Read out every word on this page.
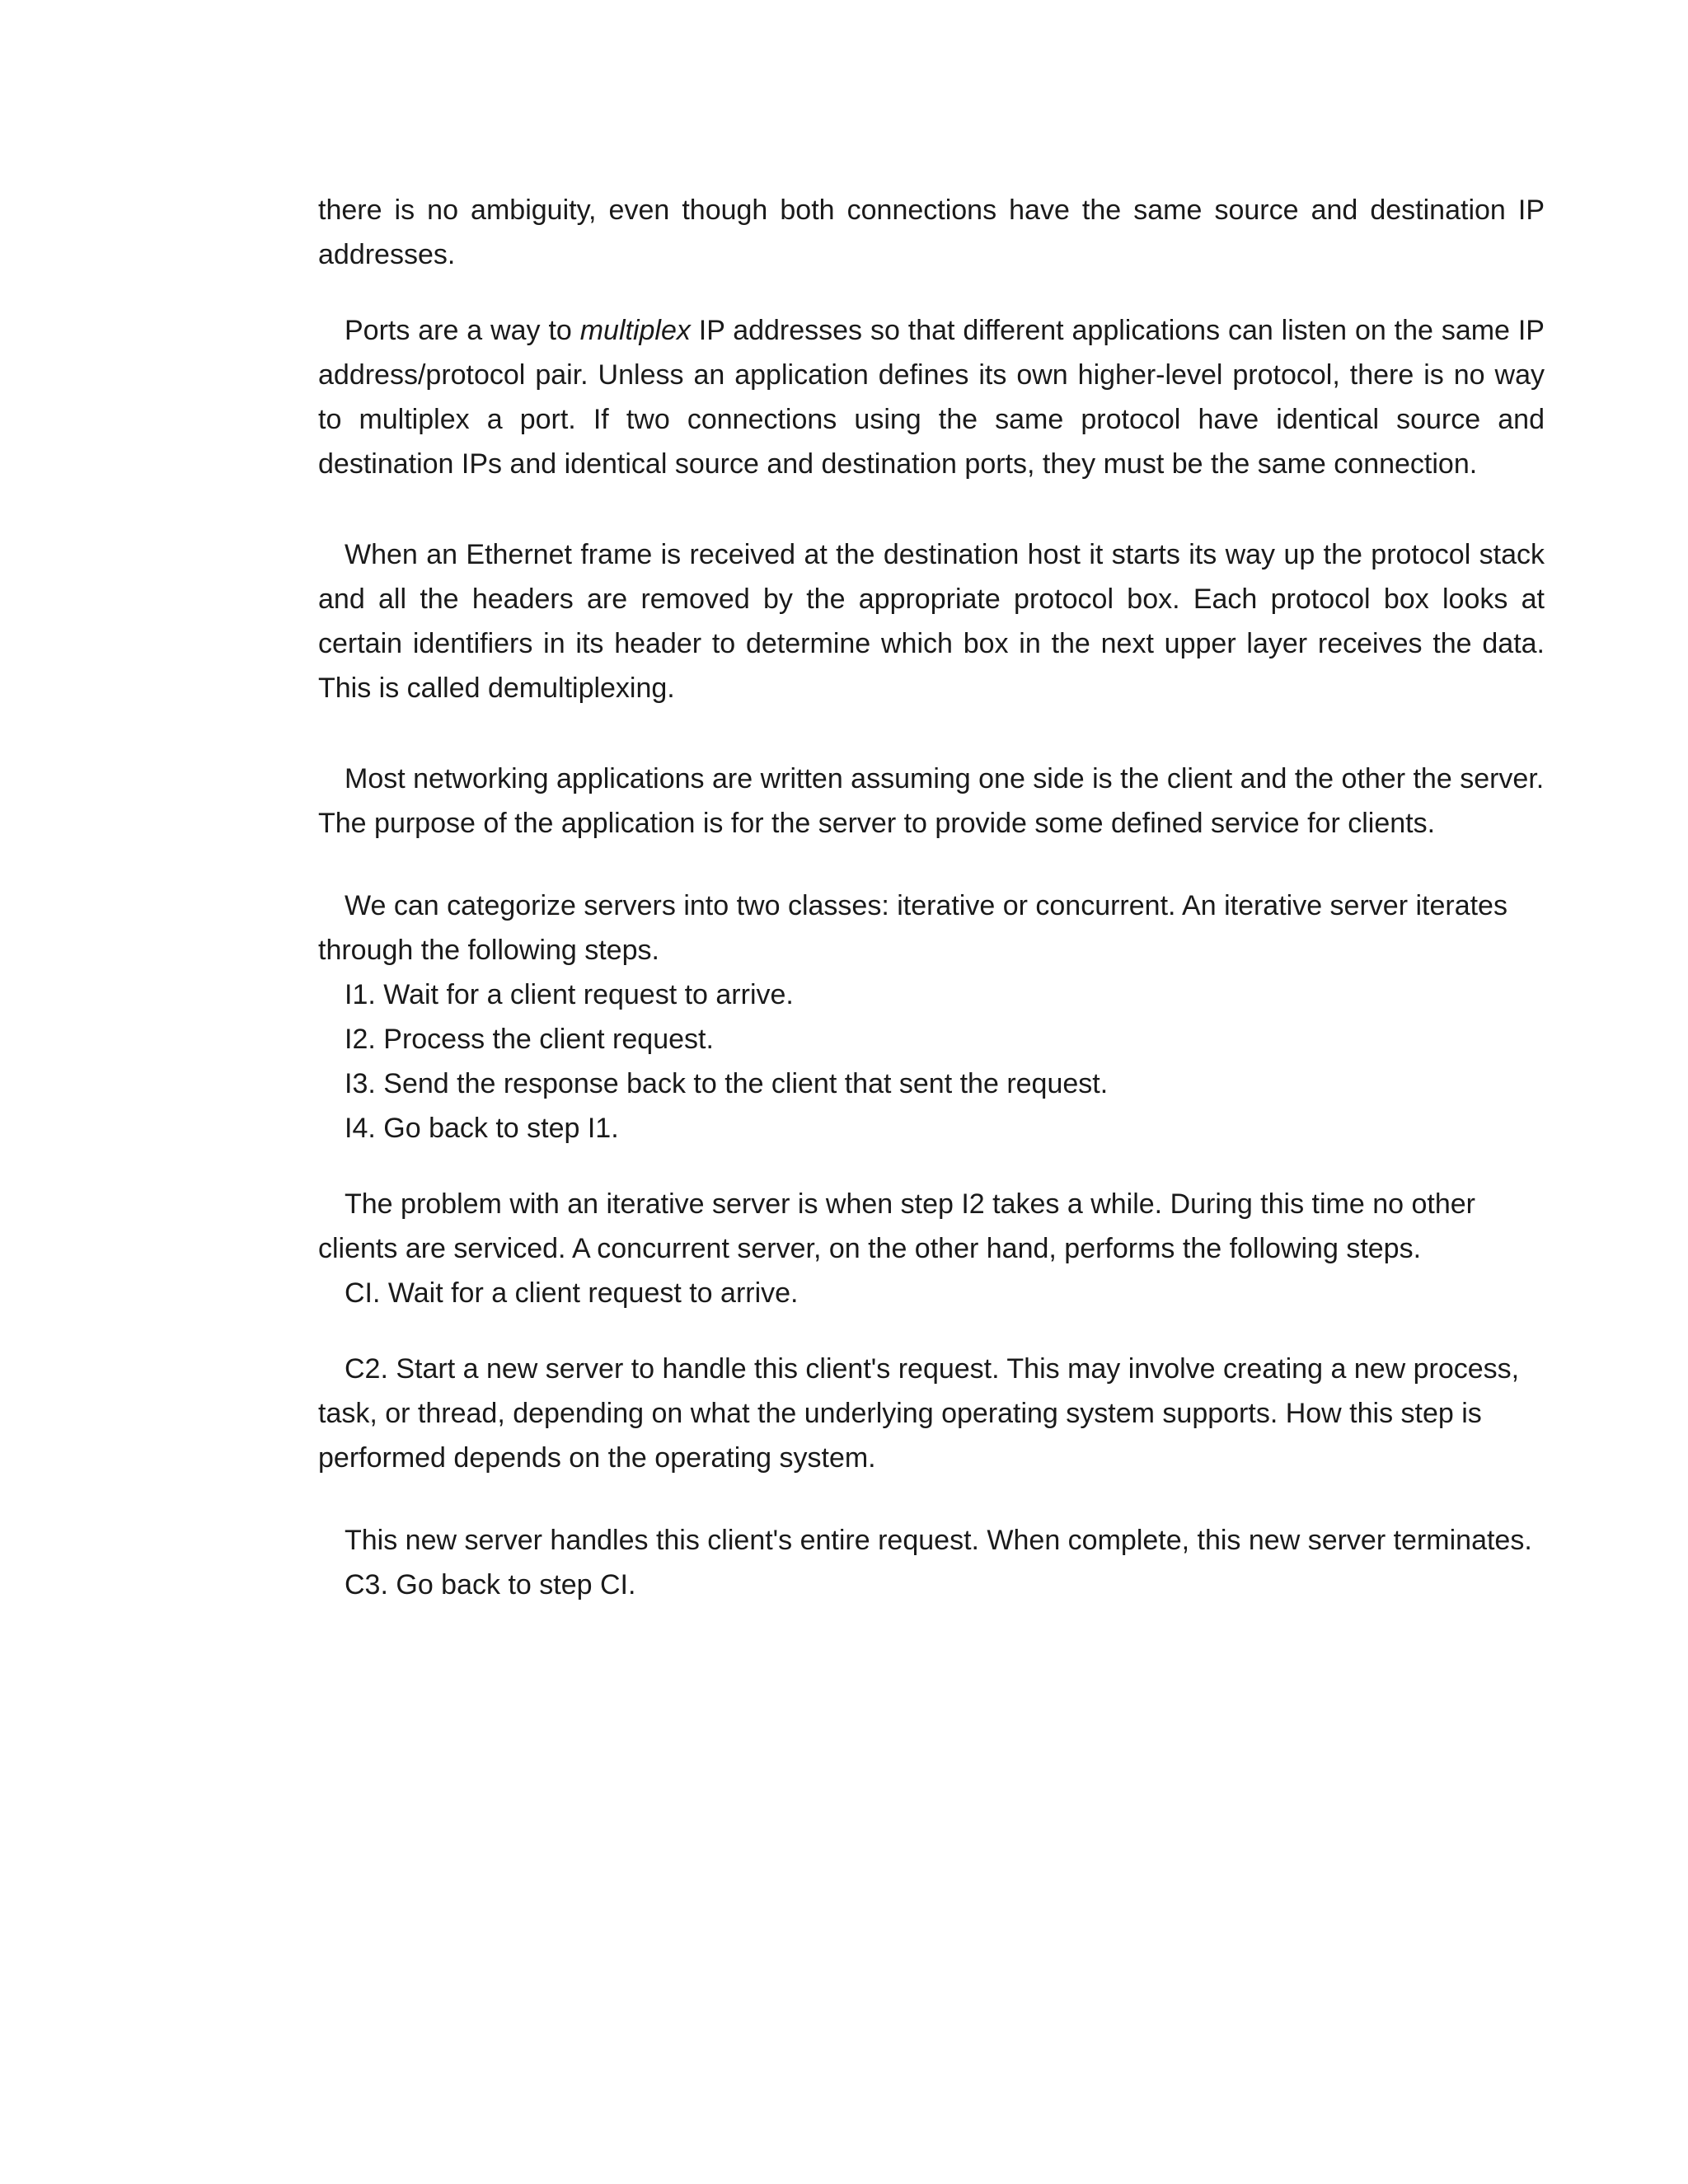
there is no ambiguity, even though both connections have the same source and destination IP addresses.

Ports are a way to multiplex IP addresses so that different applications can listen on the same IP address/protocol pair. Unless an application defines its own higher-level protocol, there is no way to multiplex a port. If two connections using the same protocol have identical source and destination IPs and identical source and destination ports, they must be the same connection.

When an Ethernet frame is received at the destination host it starts its way up the protocol stack and all the headers are removed by the appropriate protocol box. Each protocol box looks at certain identifiers in its header to determine which box in the next upper layer receives the data. This is called demultiplexing.

Most networking applications are written assuming one side is the client and the other the server. The purpose of the application is for the server to provide some defined service for clients.

We can categorize servers into two classes: iterative or concurrent. An iterative server iterates through the following steps.

I1. Wait for a client request to arrive.

I2. Process the client request.

I3. Send the response back to the client that sent the request.

I4. Go back to step I1.

The problem with an iterative server is when step I2 takes a while. During this time no other clients are serviced. A concurrent server, on the other hand, performs the following steps.

CI. Wait for a client request to arrive.

C2. Start a new server to handle this client's request. This may involve creating a new process, task, or thread, depending on what the underlying operating system supports. How this step is performed depends on the operating system.

This new server handles this client's entire request. When complete, this new server terminates.

C3. Go back to step CI.
